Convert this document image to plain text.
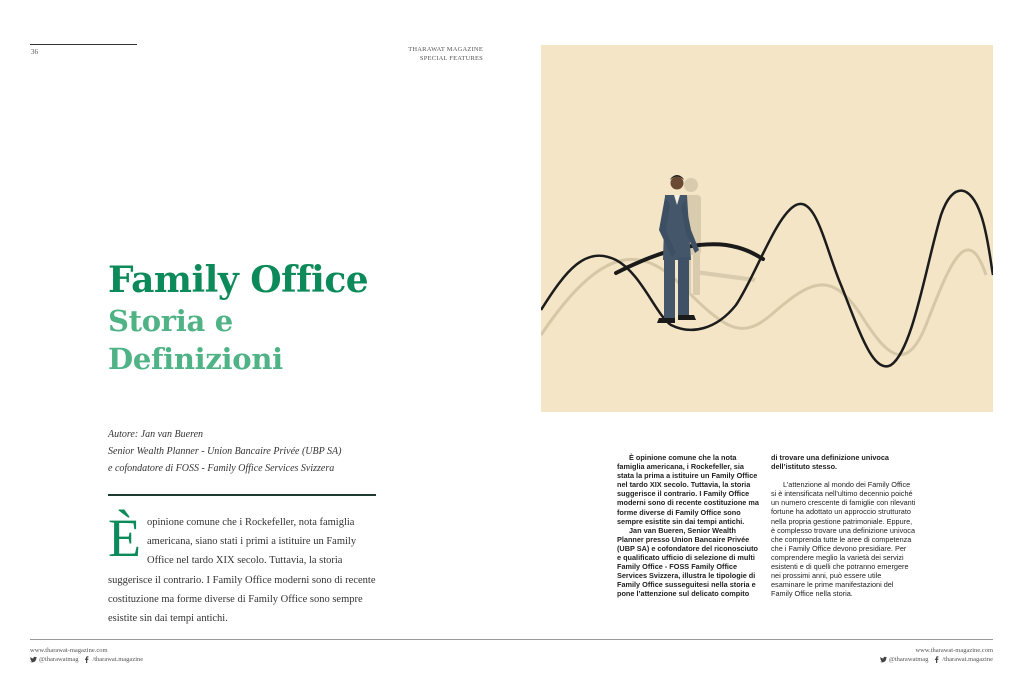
36	THARAWAT MAGAZINE
SPECIAL FEATURES
Family Office
Storia e
Definizioni
Autore: Jan van Bueren
Senior Wealth Planner - Union Bancaire Privée (UBP SA)
e cofondatore di FOSS - Family Office Services Svizzera
È opinione comune che i Rockefeller, nota famiglia americana, siano stati i primi a istituire un Family Office nel tardo XIX secolo. Tuttavia, la storia suggerisce il contrario. I Family Office moderni sono di recente costituzione ma forme diverse di Family Office sono sempre esistite sin dai tempi antichi.

È opinione comune che la nota famiglia americana, i Rockefeller, sia stata la prima a istituire un Family Office nel tardo XIX secolo. Tuttavia, la storia suggerisce il contrario. I Family Office moderni sono di recente costituzione ma forme diverse di Family Office sono sempre esistite sin dai tempi antichi.

Jan van Bueren, Senior Wealth Planner presso Union Bancaire Privée (UBP SA) e cofondatore del riconosciuto e qualificato ufficio di selezione di multi Family Office - FOSS Family Office Services Svizzera, illustra le tipologie di Family Office susseguitesi nella storia e pone l’attenzione sul delicato compito

di trovare una definizione univoca dell’istituto stesso.

L’attenzione al mondo dei Family Office si è intensificata nell’ultimo decennio poiché un numero crescente di famiglie con rilevanti fortune ha adottato un approccio strutturato nella propria gestione patrimoniale. Eppure, è complesso trovare una definizione univoca che comprenda tutte le aree di competenza che i Family Office devono presidiare. Per comprendere meglio la varietà dei servizi esistenti e di quelli che potranno emergere nei prossimi anni, può essere utile esaminare le prime manifestazioni del Family Office nella storia.

www.tharawat-magazine.com
@tharawatmag
/tharawat.magazine
www.tharawat-magazine.com
@tharawatmag
/tharawat.magazine
